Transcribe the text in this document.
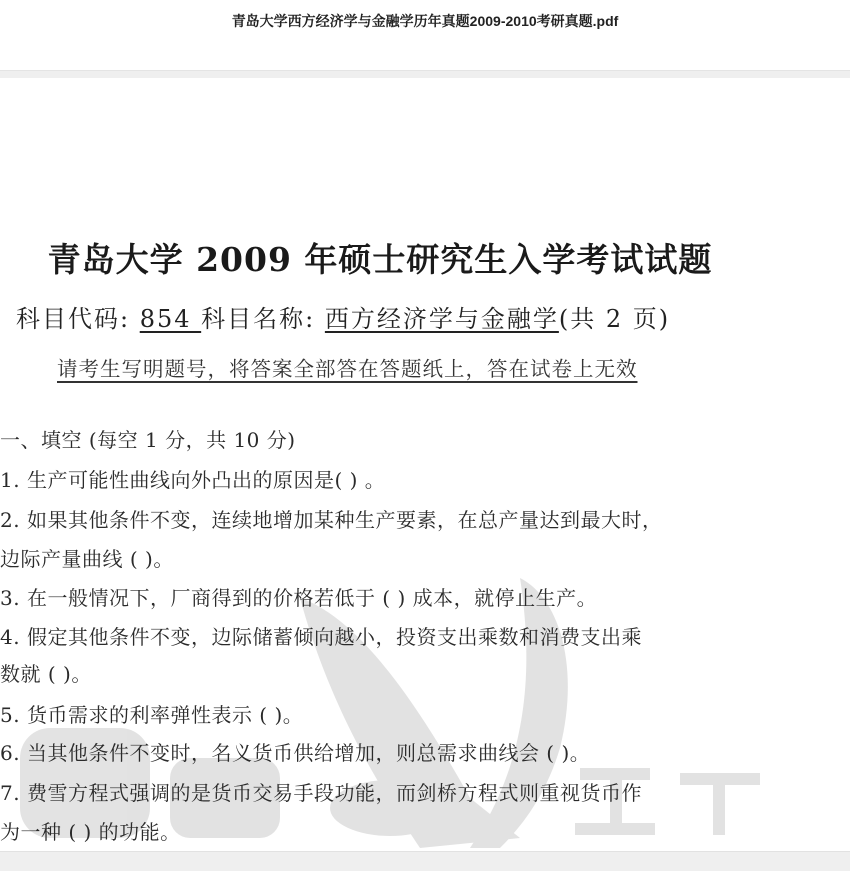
青岛大学西方经济学与金融学历年真题2009-2010考研真题.pdf
青岛大学 2009 年硕士研究生入学考试试题
科目代码: 854 科目名称: 西方经济学与金融学(共 2 页)
请考生写明题号，将答案全部答在答题纸上，答在试卷上无效
一、填空 (每空 1 分，共 10 分)
1. 生产可能性曲线向外凸出的原因是( ) 。
2. 如果其他条件不变，连续地增加某种生产要素，在总产量达到最大时，
边际产量曲线 ( )。
3. 在一般情况下，厂商得到的价格若低于 ( ) 成本，就停止生产。
4. 假定其他条件不变，边际储蓄倾向越小，投资支出乘数和消费支出乘
数就 ( )。
5. 货币需求的利率弹性表示 ( )。
6. 当其他条件不变时，名义货币供给增加，则总需求曲线会 ( )。
7. 费雪方程式强调的是货币交易手段功能，而剑桥方程式则重视货币作
为一种 ( ) 的功能。
